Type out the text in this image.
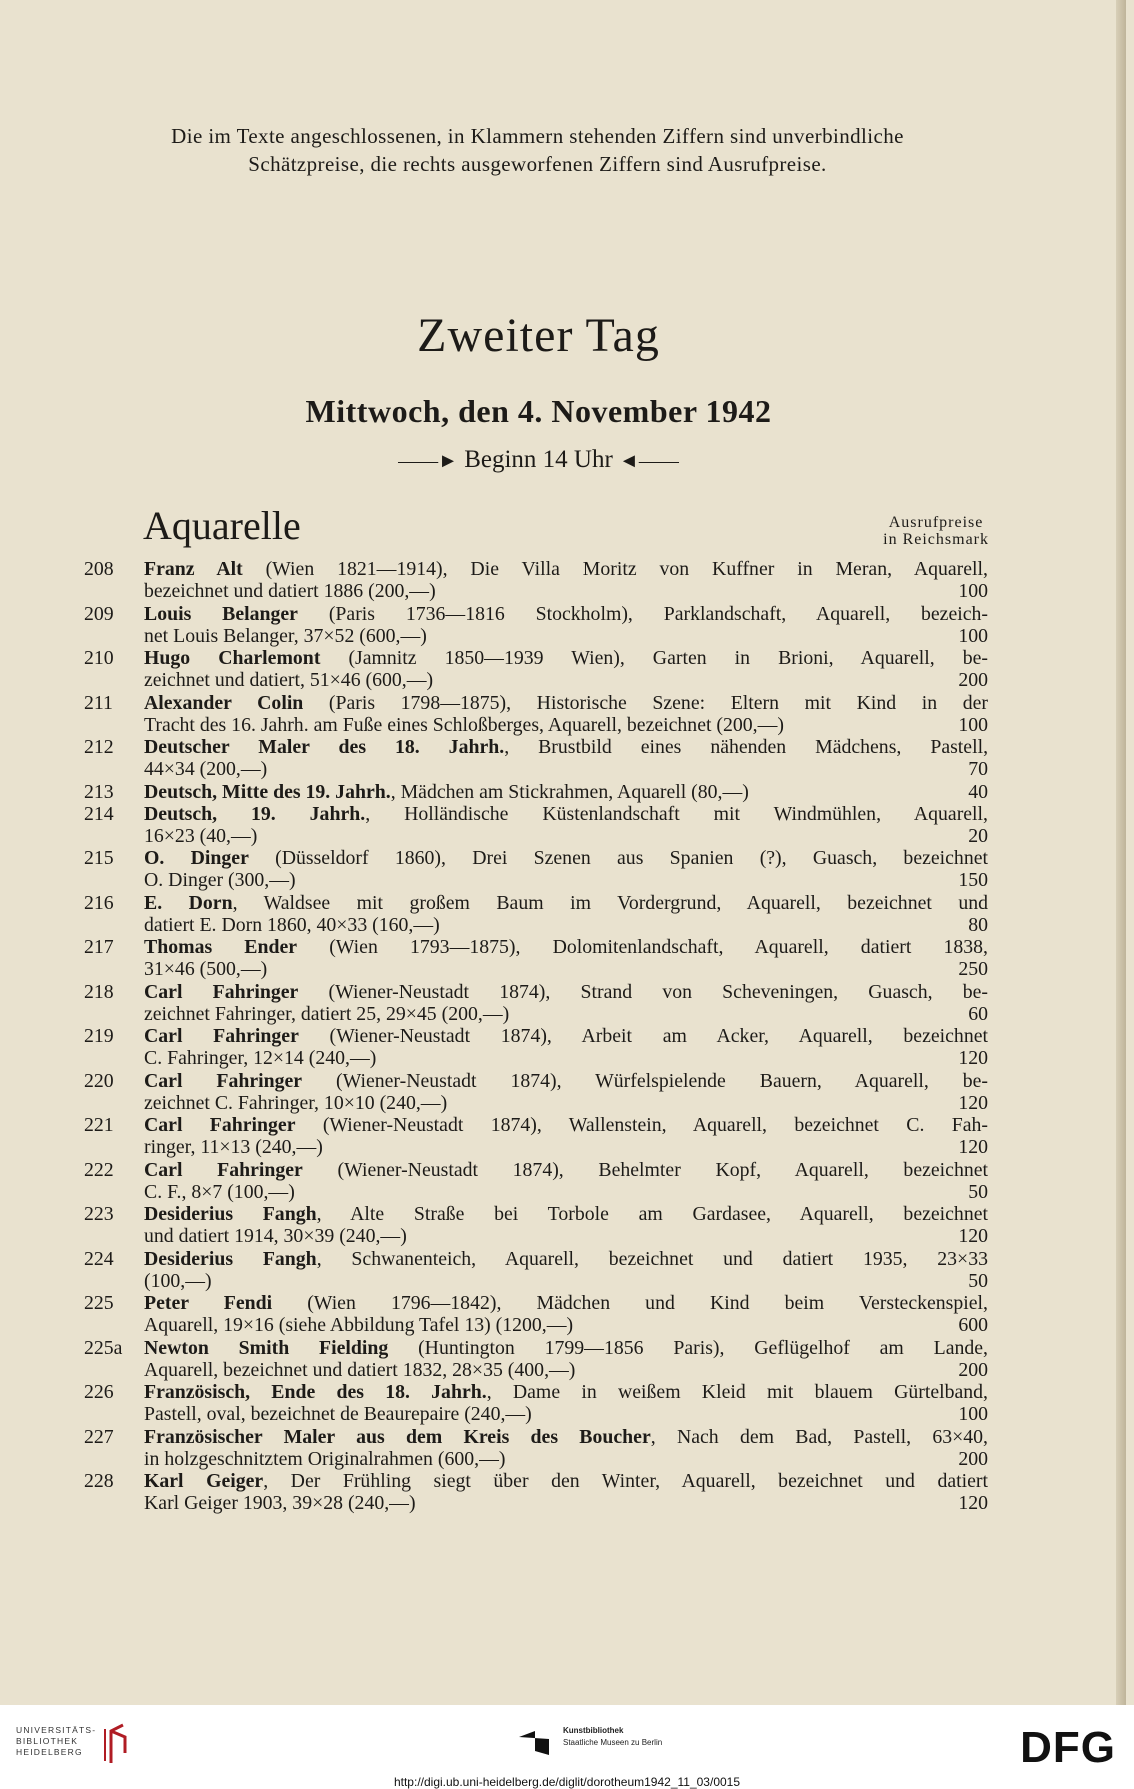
Die im Texte angeschlossenen, in Klammern stehenden Ziffern sind unverbindliche
Schätzpreise, die rechts ausgeworfenen Ziffern sind Ausrufpreise.
Zweiter Tag
Mittwoch, den 4. November 1942
——► Beginn 14 Uhr ◄——
Aquarelle	Ausrufpreise
in Reichsmark
208	Franz Alt (Wien 1821—1914), Die Villa Moritz von Kuffner in Meran, Aquarell,
bezeichnet und datiert 1886 (200,—)	100
209	Louis Belanger (Paris 1736—1816 Stockholm), Parklandschaft, Aquarell, bezeich-
net Louis Belanger, 37×52 (600,—)	100
210	Hugo Charlemont (Jamnitz 1850—1939 Wien), Garten in Brioni, Aquarell, be-
zeichnet und datiert, 51×46 (600,—)	200
211	Alexander Colin (Paris 1798—1875), Historische Szene: Eltern mit Kind in der
Tracht des 16. Jahrh. am Fuße eines Schloßberges, Aquarell, bezeichnet (200,—)	100
212	Deutscher Maler des 18. Jahrh., Brustbild eines nähenden Mädchens, Pastell,
44×34 (200,—)	70
213	Deutsch, Mitte des 19. Jahrh., Mädchen am Stickrahmen, Aquarell (80,—)	40
214	Deutsch, 19. Jahrh., Holländische Küstenlandschaft mit Windmühlen, Aquarell,
16×23 (40,—)	20
215	O. Dinger (Düsseldorf 1860), Drei Szenen aus Spanien (?), Guasch, bezeichnet
O. Dinger (300,—)	150
216	E. Dorn, Waldsee mit großem Baum im Vordergrund, Aquarell, bezeichnet und
datiert E. Dorn 1860, 40×33 (160,—)	80
217	Thomas Ender (Wien 1793—1875), Dolomitenlandschaft, Aquarell, datiert 1838,
31×46 (500,—)	250
218	Carl Fahringer (Wiener-Neustadt 1874), Strand von Scheveningen, Guasch, be-
zeichnet Fahringer, datiert 25, 29×45 (200,—)	60
219	Carl Fahringer (Wiener-Neustadt 1874), Arbeit am Acker, Aquarell, bezeichnet
C. Fahringer, 12×14 (240,—)	120
220	Carl Fahringer (Wiener-Neustadt 1874), Würfelspielende Bauern, Aquarell, be-
zeichnet C. Fahringer, 10×10 (240,—)	120
221	Carl Fahringer (Wiener-Neustadt 1874), Wallenstein, Aquarell, bezeichnet C. Fah-
ringer, 11×13 (240,—)	120
222	Carl Fahringer (Wiener-Neustadt 1874), Behelmter Kopf, Aquarell, bezeichnet
C. F., 8×7 (100,—)	50
223	Desiderius Fangh, Alte Straße bei Torbole am Gardasee, Aquarell, bezeichnet
und datiert 1914, 30×39 (240,—)	120
224	Desiderius Fangh, Schwanenteich, Aquarell, bezeichnet und datiert 1935, 23×33
(100,—)	50
225	Peter Fendi (Wien 1796—1842), Mädchen und Kind beim Versteckenspiel,
Aquarell, 19×16 (siehe Abbildung Tafel 13) (1200,—)	600
225a	Newton Smith Fielding (Huntington 1799—1856 Paris), Geflügelhof am Lande,
Aquarell, bezeichnet und datiert 1832, 28×35 (400,—)	200
226	Französisch, Ende des 18. Jahrh., Dame in weißem Kleid mit blauem Gürtelband,
Pastell, oval, bezeichnet de Beaurepaire (240,—)	100
227	Französischer Maler aus dem Kreis des Boucher, Nach dem Bad, Pastell, 63×40,
in holzgeschnitztem Originalrahmen (600,—)	200
228	Karl Geiger, Der Frühling siegt über den Winter, Aquarell, bezeichnet und datiert
Karl Geiger 1903, 39×28 (240,—)	120
UNIVERSITÄTS-
BIBLIOTHEK
HEIDELBERG
Kunstbibliothek
Staatliche Museen zu Berlin	DFG
http://digi.ub.uni-heidelberg.de/diglit/dorotheum1942_11_03/0015
